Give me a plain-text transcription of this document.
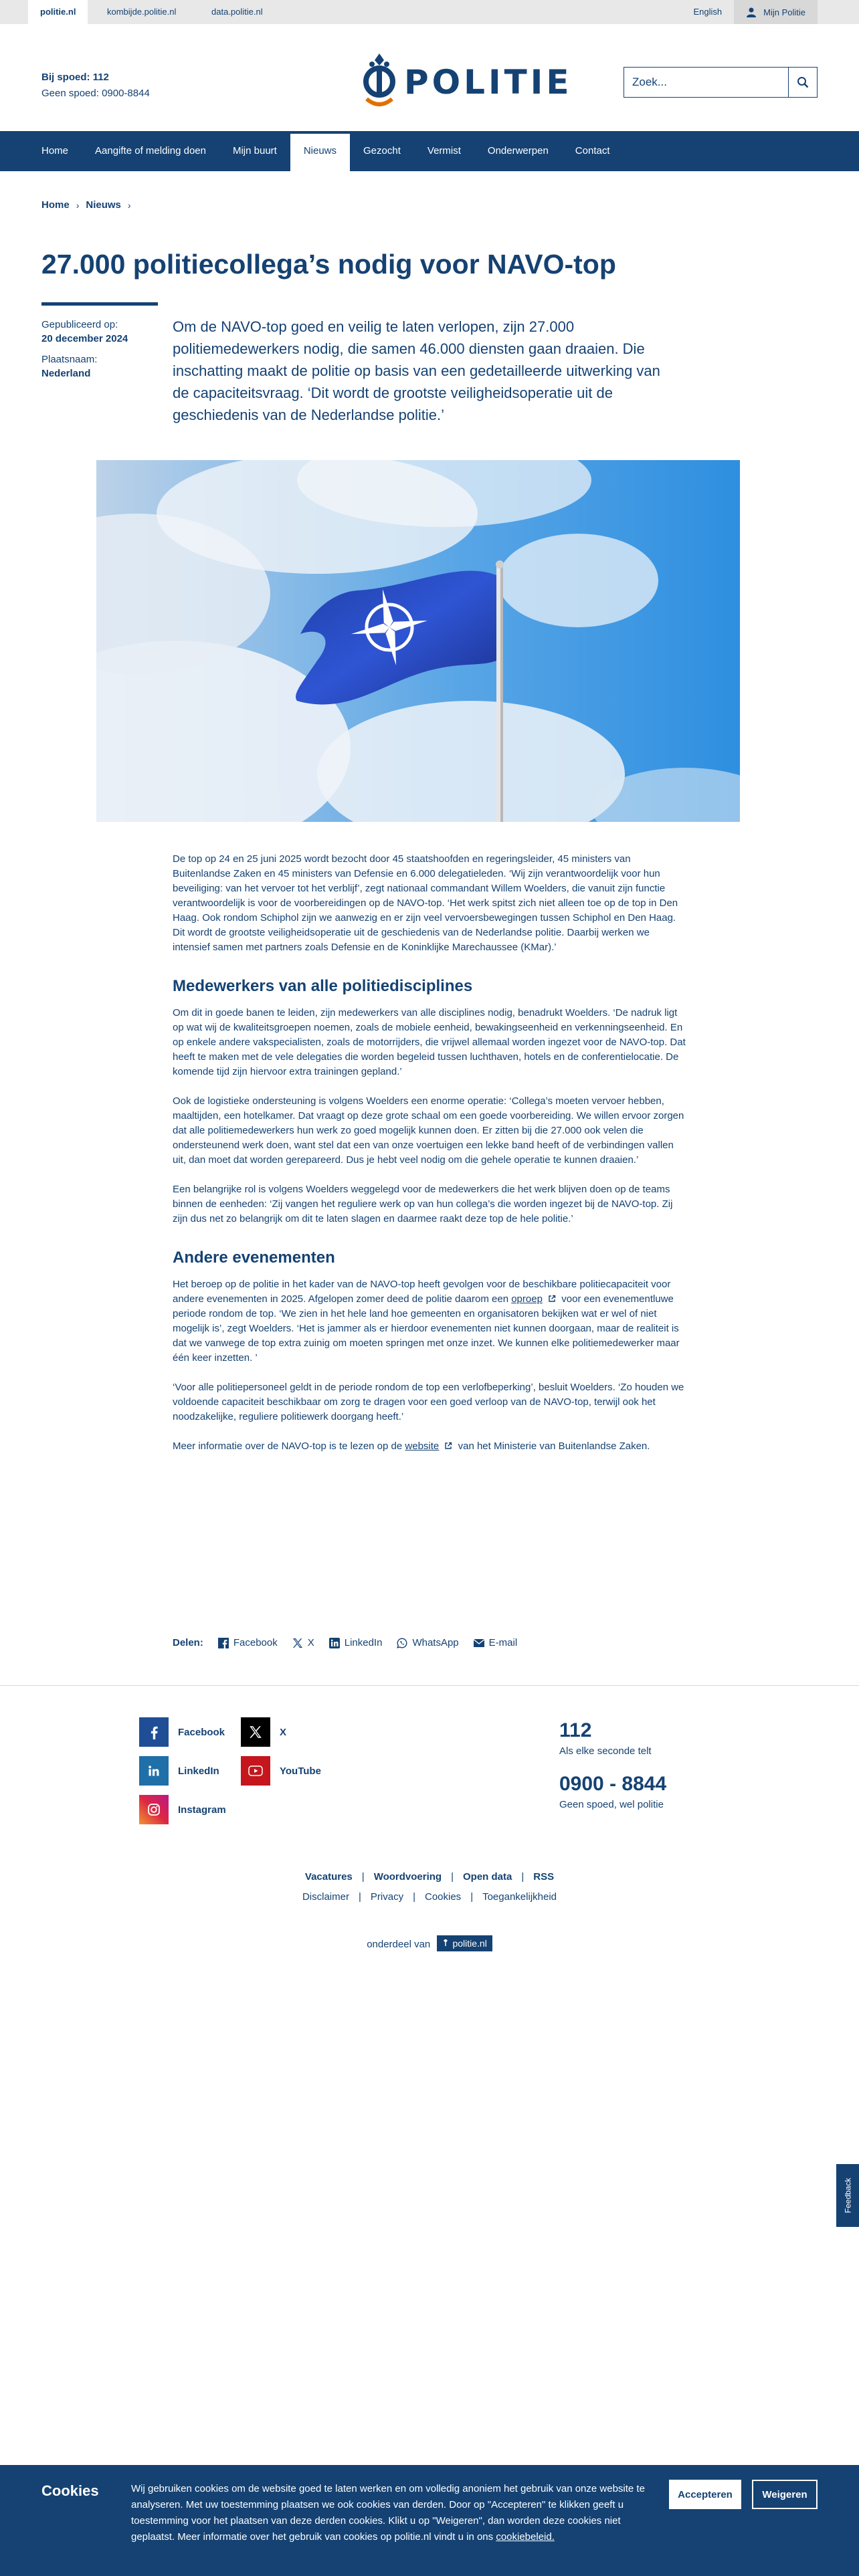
politie.nl	kombijde.politie.nl	data.politie.nl	English	Mijn Politie
Bij spoed: 112
Geen spoed: 0900-8844	POLITIE
Zoek...
Home	Aangifte of melding doen	Mijn buurt	Nieuws	Gezocht	Vermist	Onderwerpen	Contact
Home › Nieuws ›
27.000 politiecollega’s nodig voor NAVO-top
Gepubliceerd op:
20 december 2024
Plaatsnaam:
Nederland

Om de NAVO-top goed en veilig te laten verlopen, zijn 27.000 politiemedewerkers nodig, die samen 46.000 diensten gaan draaien. Die inschatting maakt de politie op basis van een gedetailleerde uitwerking van de capaciteitsvraag. ‘Dit wordt de grootste veiligheidsoperatie uit de geschiedenis van de Nederlandse politie.’

De top op 24 en 25 juni 2025 wordt bezocht door 45 staatshoofden en regeringsleider, 45 ministers van Buitenlandse Zaken en 45 ministers van Defensie en 6.000 delegatieleden. ‘Wij zijn verantwoordelijk voor hun beveiliging: van het vervoer tot het verblijf’, zegt nationaal commandant Willem Woelders, die vanuit zijn functie verantwoordelijk is voor de voorbereidingen op de NAVO-top. ‘Het werk spitst zich niet alleen toe op de top in Den Haag. Ook rondom Schiphol zijn we aanwezig en er zijn veel vervoersbewegingen tussen Schiphol en Den Haag. Dit wordt de grootste veiligheidsoperatie uit de geschiedenis van de Nederlandse politie. Daarbij werken we intensief samen met partners zoals Defensie en de Koninklijke Marechaussee (KMar).’

Medewerkers van alle politiedisciplines

Om dit in goede banen te leiden, zijn medewerkers van alle disciplines nodig, benadrukt Woelders. ‘De nadruk ligt op wat wij de kwaliteitsgroepen noemen, zoals de mobiele eenheid, bewakingseenheid en verkenningseenheid. En op enkele andere vakspecialisten, zoals de motorrijders, die vrijwel allemaal worden ingezet voor de NAVO-top. Dat heeft te maken met de vele delegaties die worden begeleid tussen luchthaven, hotels en de conferentielocatie. De komende tijd zijn hiervoor extra trainingen gepland.’

Ook de logistieke ondersteuning is volgens Woelders een enorme operatie: ‘Collega’s moeten vervoer hebben, maaltijden, een hotelkamer. Dat vraagt op deze grote schaal om een goede voorbereiding. We willen ervoor zorgen dat alle politiemedewerkers hun werk zo goed mogelijk kunnen doen. Er zitten bij die 27.000 ook velen die ondersteunend werk doen, want stel dat een van onze voertuigen een lekke band heeft of de verbindingen vallen uit, dan moet dat worden gerepareerd. Dus je hebt veel nodig om die gehele operatie te kunnen draaien.’

Een belangrijke rol is volgens Woelders weggelegd voor de medewerkers die het werk blijven doen op de teams binnen de eenheden: ‘Zij vangen het reguliere werk op van hun collega’s die worden ingezet bij de NAVO-top. Zij zijn dus net zo belangrijk om dit te laten slagen en daarmee raakt deze top de hele politie.’

Andere evenementen

Het beroep op de politie in het kader van de NAVO-top heeft gevolgen voor de beschikbare politiecapaciteit voor andere evenementen in 2025. Afgelopen zomer deed de politie daarom een oproep voor een evenementluwe periode rondom de top. ‘We zien in het hele land hoe gemeenten en organisatoren bekijken wat er wel of niet mogelijk is’, zegt Woelders. ‘Het is jammer als er hierdoor evenementen niet kunnen doorgaan, maar de realiteit is dat we vanwege de top extra zuinig om moeten springen met onze inzet. We kunnen elke politiemedewerker maar één keer inzetten. ’

‘Voor alle politiepersoneel geldt in de periode rondom de top een verlofbeperking’, besluit Woelders. ‘Zo houden we voldoende capaciteit beschikbaar om zorg te dragen voor een goed verloop van de NAVO-top, terwijl ook het noodzakelijke, reguliere politiewerk doorgang heeft.’

Meer informatie over de NAVO-top is te lezen op de website van het Ministerie van Buitenlandse Zaken.

Delen:	Facebook	X	LinkedIn	WhatsApp	E-mail
Facebook	X
LinkedIn	YouTube
Instagram
112
Als elke seconde telt
0900 - 8844
Geen spoed, wel politie
Vacatures | Woordvoering | Open data | RSS
Disclaimer | Privacy | Cookies | Toegankelijkheid
onderdeel van politie.nl
Feedback
Cookies	Wij gebruiken cookies om de website goed te laten werken en om volledig anoniem het gebruik van onze website te analyseren. Met uw toestemming plaatsen we ook cookies van derden. Door op "Accepteren" te klikken geeft u toestemming voor het plaatsen van deze derden cookies. Klikt u op "Weigeren", dan worden deze cookies niet geplaatst. Meer informatie over het gebruik van cookies op politie.nl vindt u in ons cookiebeleid.
Accepteren	Weigeren
